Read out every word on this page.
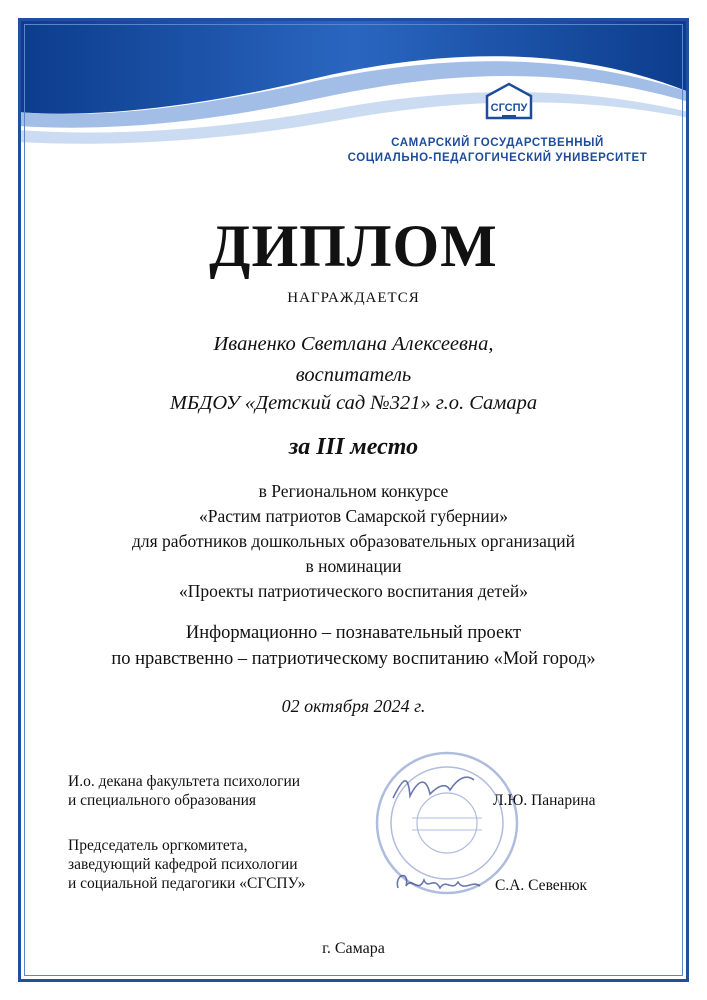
СГСПУ
САМАРСКИЙ ГОСУДАРСТВЕННЫЙ
СОЦИАЛЬНО-ПЕДАГОГИЧЕСКИЙ УНИВЕРСИТЕТ
ДИПЛОМ
НАГРАЖДАЕТСЯ
Иваненко Светлана Алексеевна,
воспитатель
МБДОУ «Детский сад №321» г.о. Самара
за III место
в Региональном конкурсе
«Растим патриотов Самарской губернии»
для работников дошкольных образовательных организаций
в номинации
«Проекты патриотического воспитания детей»
Информационно – познавательный проект
по нравственно – патриотическому воспитанию «Мой город»
02 октября 2024 г.
И.о. декана факультета психологии
и специального образования	Л.Ю. Панарина
Председатель оргкомитета,
заведующий кафедрой психологии
и социальной педагогики «СГСПУ»	С.А. Севенюк
г. Самара
